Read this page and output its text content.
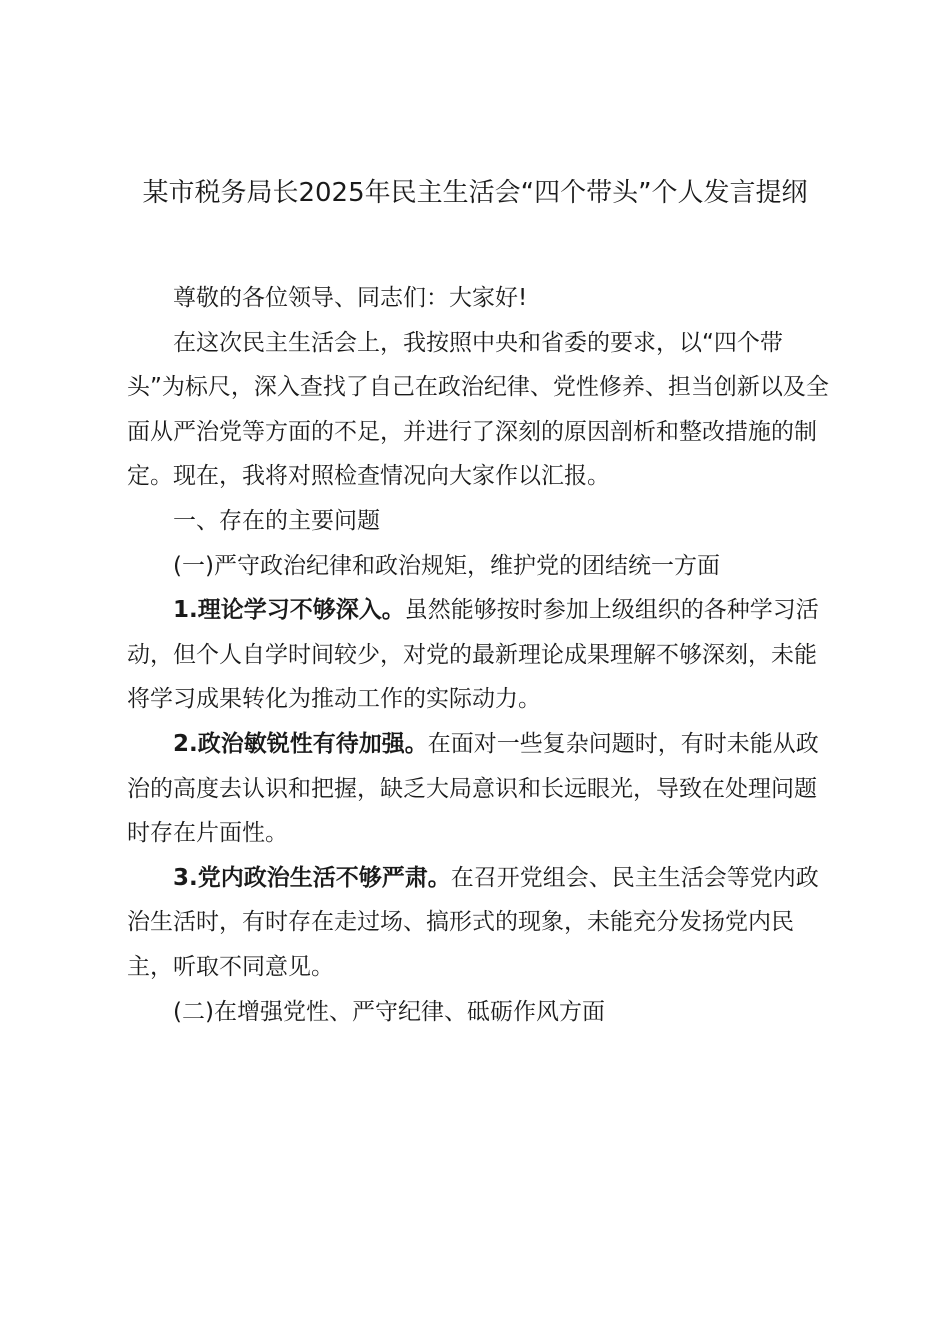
某市税务局长2025年民主生活会“四个带头”个人发言提纲

尊敬的各位领导、同志们：大家好!

在这次民主生活会上，我按照中央和省委的要求，以“四个带头”为标尺，深入查找了自己在政治纪律、党性修养、担当创新以及全面从严治党等方面的不足，并进行了深刻的原因剖析和整改措施的制定。现在，我将对照检查情况向大家作以汇报。

一、存在的主要问题

(一)严守政治纪律和政治规矩，维护党的团结统一方面

1.理论学习不够深入。虽然能够按时参加上级组织的各种学习活动，但个人自学时间较少，对党的最新理论成果理解不够深刻，未能将学习成果转化为推动工作的实际动力。

2.政治敏锐性有待加强。在面对一些复杂问题时，有时未能从政治的高度去认识和把握，缺乏大局意识和长远眼光，导致在处理问题时存在片面性。

3.党内政治生活不够严肃。在召开党组会、民主生活会等党内政治生活时，有时存在走过场、搞形式的现象，未能充分发扬党内民主，听取不同意见。

(二)在增强党性、严守纪律、砥砺作风方面
